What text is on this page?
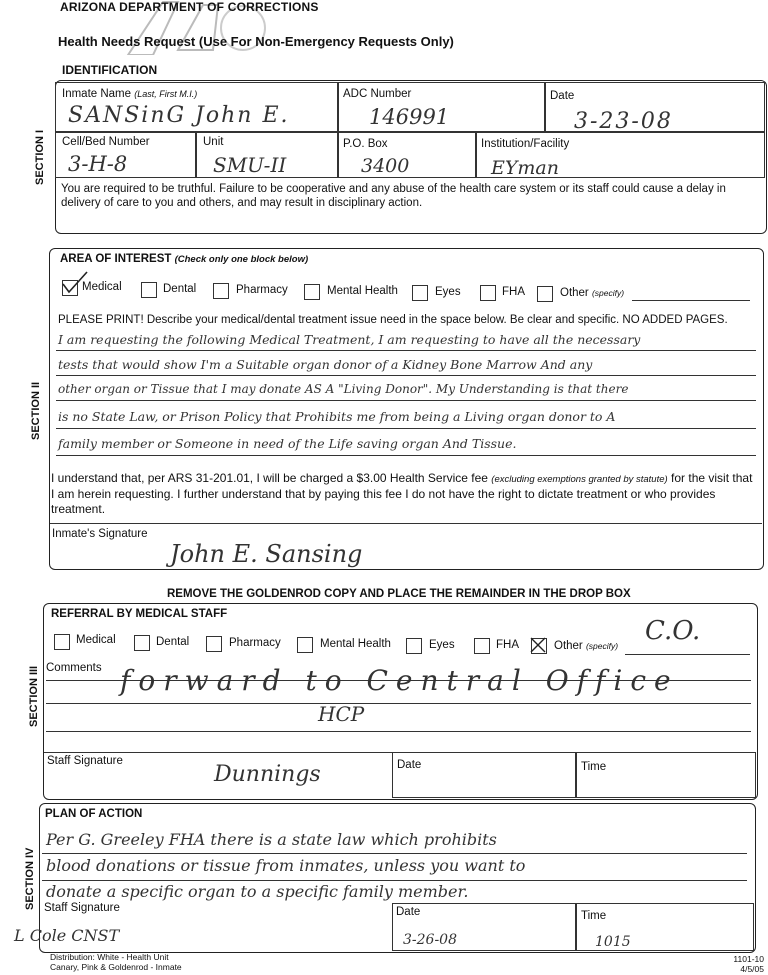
ARIZONA DEPARTMENT OF CORRECTIONS
Health Needs Request (Use For Non-Emergency Requests Only)
IDENTIFICATION
SECTION I
Inmate Name (Last, First M.I.)
SANSinG John E.
ADC Number
146991
Date
3-23-08
Cell/Bed Number
3-H-8
Unit
SMU-II
P.O. Box
3400
Institution/Facility
EYman
You are required to be truthful. Failure to be cooperative and any abuse of the health care system or its staff could cause a delay in delivery of care to you and others, and may result in disciplinary action.
SECTION II
AREA OF INTEREST (Check only one block below)
Medical	Dental	Pharmacy	Mental Health	Eyes	FHA	Other (specify)
PLEASE PRINT! Describe your medical/dental treatment issue need in the space below. Be clear and specific. NO ADDED PAGES.
I am requesting the following Medical Treatment, I am requesting to have all the necessary
tests that would show I'm a Suitable organ donor of a Kidney Bone Marrow And any
other organ or Tissue that I may donate AS A "Living Donor". My Understanding is that there
is no State Law, or Prison Policy that Prohibits me from being a Living organ donor to A
family member or Someone in need of the Life saving organ And Tissue.
I understand that, per ARS 31-201.01, I will be charged a $3.00 Health Service fee (excluding exemptions granted by statute) for the visit that I am herein requesting. I further understand that by paying this fee I do not have the right to dictate treatment or who provides treatment.
Inmate's Signature
John E. Sansing
REMOVE THE GOLDENROD COPY AND PLACE THE REMAINDER IN THE DROP BOX
SECTION III
REFERRAL BY MEDICAL STAFF
Medical	Dental	Pharmacy	Mental Health	Eyes	FHA	Other (specify) C.O.
Comments forward to Central Office
HCP
Staff Signature
Dunnings	Date	Time
SECTION IV
PLAN OF ACTION
Per G. Greeley FHA there is a state law which prohibits
blood donations or tissue from inmates, unless you want to
donate a specific organ to a specific family member.
Staff Signature
L Cole CNST
Date
3-26-08
Time
1015
Distribution: White - Health Unit
Canary, Pink & Goldenrod - Inmate
1101-10
4/5/05
